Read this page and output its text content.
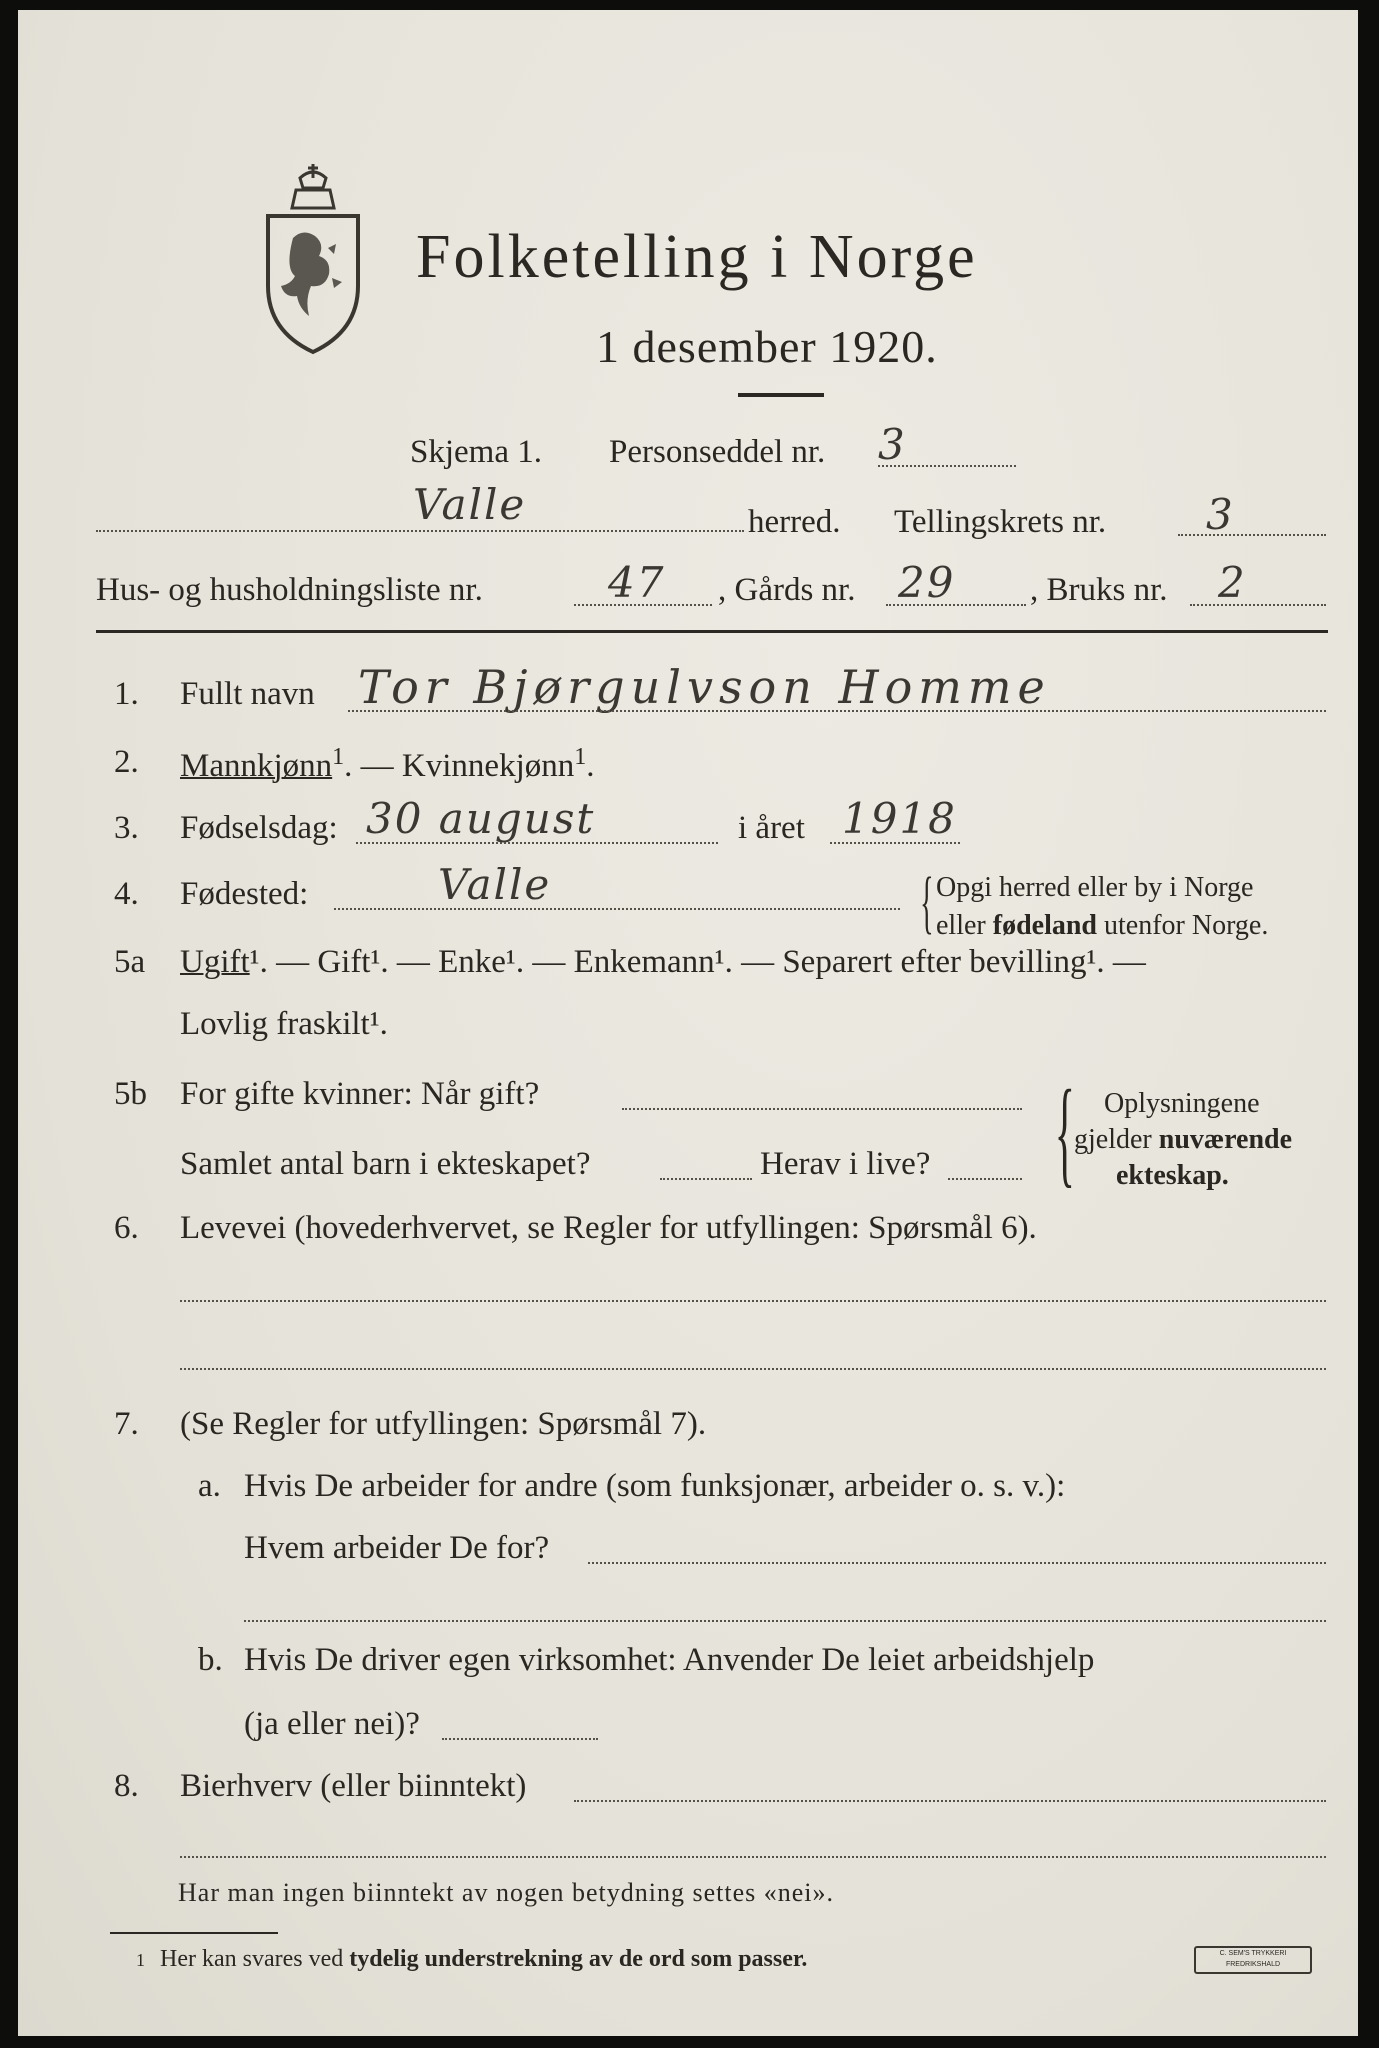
Folketelling i Norge
1 desember 1920.
Skjema 1. Personseddel nr. 3
Valle	herred. Tellingskrets nr. 3
Hus- og husholdningsliste nr.	47 , Gårds nr. 29 , Bruks nr. 2
1. Fullt navn Tor Bjørgulvson Homme
2. Mannkjønn$^1$. — Kvinnekjønn$^1$.
3. Fødselsdag: 30 august	i året 1918
4. Fødested:	Valle	{ Opgi herred eller by i Norge
eller fødeland utenfor Norge.
5a Ugift¹. — Gift¹. — Enke¹. — Enkemann¹. — Separert efter bevilling¹. —
Lovlig fraskilt¹.
5b For gifte kvinner: Når gift?
Samlet antal barn i ekteskapet?	Herav i live? { Oplysningene
gjelder nuværende
ekteskap.
6. Levevei (hovederhvervet, se Regler for utfyllingen: Spørsmål 6).
7. (Se Regler for utfyllingen: Spørsmål 7).
a. Hvis De arbeider for andre (som funksjonær, arbeider o. s. v.):
Hvem arbeider De for?
b. Hvis De driver egen virksomhet: Anvender De leiet arbeidshjelp
(ja eller nei)?
8. Bierhverv (eller biinntekt)
Har man ingen biinntekt av nogen betydning settes «nei».
1 Her kan svares ved tydelig understrekning av de ord som passer.	C. SEM'S TRYKKERI FREDRIKSHALD
